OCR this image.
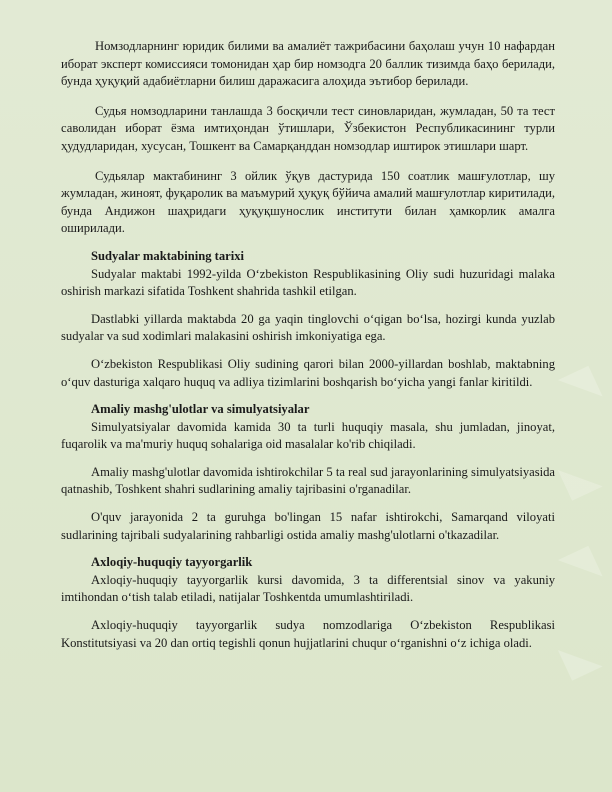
Номзодларнинг юридик билими ва амалиёт тажрибасини баҳолаш учун 10 нафардан иборат эксперт комиссияси томонидан ҳар бир номзодга 20 баллик тизимда баҳо берилади, бунда ҳуқуқий адабиётларни билиш даражасига алоҳида эътибор берилади.

Судья номзодларини танлашда 3 босқичли тест синовларидан, жумладан, 50 та тест саволидан иборат ёзма имтиҳондан ўтишлари, Ўзбекистон Республикасининг турли ҳудудларидан, хусусан, Тошкент ва Самарқанддан номзодлар иштирок этишлари шарт.

Судьялар мактабининг 3 ойлик ўқув дастурида 150 соатлик машғулотлар, шу жумладан, жиноят, фуқаролик ва маъмурий ҳуқуқ бўйича амалий машғулотлар киритилади, бунда Андижон шаҳридаги ҳуқуқшунослик институти билан ҳамкорлик амалга оширилади.

Sudyalar maktabining tarixi

Sudyalar maktabi 1992-yilda O‘zbekiston Respublikasining Oliy sudi huzuridagi malaka oshirish markazi sifatida Toshkent shahrida tashkil etilgan.

Dastlabki yillarda maktabda 20 ga yaqin tinglovchi o‘qigan bo‘lsa, hozirgi kunda yuzlab sudyalar va sud xodimlari malakasini oshirish imkoniyatiga ega.

O‘zbekiston Respublikasi Oliy sudining qarori bilan 2000-yillardan boshlab, maktabning o‘quv dasturiga xalqaro huquq va adliya tizimlarini boshqarish bo‘yicha yangi fanlar kiritildi.

Amaliy mashg'ulotlar va simulyatsiyalar

Simulyatsiyalar davomida kamida 30 ta turli huquqiy masala, shu jumladan, jinoyat, fuqarolik va ma'muriy huquq sohalariga oid masalalar ko'rib chiqiladi.

Amaliy mashg'ulotlar davomida ishtirokchilar 5 ta real sud jarayonlarining simulyatsiyasida qatnashib, Toshkent shahri sudlarining amaliy tajribasini o'rganadilar.

O'quv jarayonida 2 ta guruhga bo'lingan 15 nafar ishtirokchi, Samarqand viloyati sudlarining tajribali sudyalarining rahbarligi ostida amaliy mashg'ulotlarni o'tkazadilar.

Axloqiy-huquqiy tayyorgarlik

Axloqiy-huquqiy tayyorgarlik kursi davomida, 3 ta differentsial sinov va yakuniy imtihondan o‘tish talab etiladi, natijalar Toshkentda umumlashtiriladi.

Axloqiy-huquqiy tayyorgarlik sudya nomzodlariga O‘zbekiston Respublikasi Konstitutsiyasi va 20 dan ortiq tegishli qonun hujjatlarini chuqur o‘rganishni o‘z ichiga oladi.

◥
◣
◥
◣
